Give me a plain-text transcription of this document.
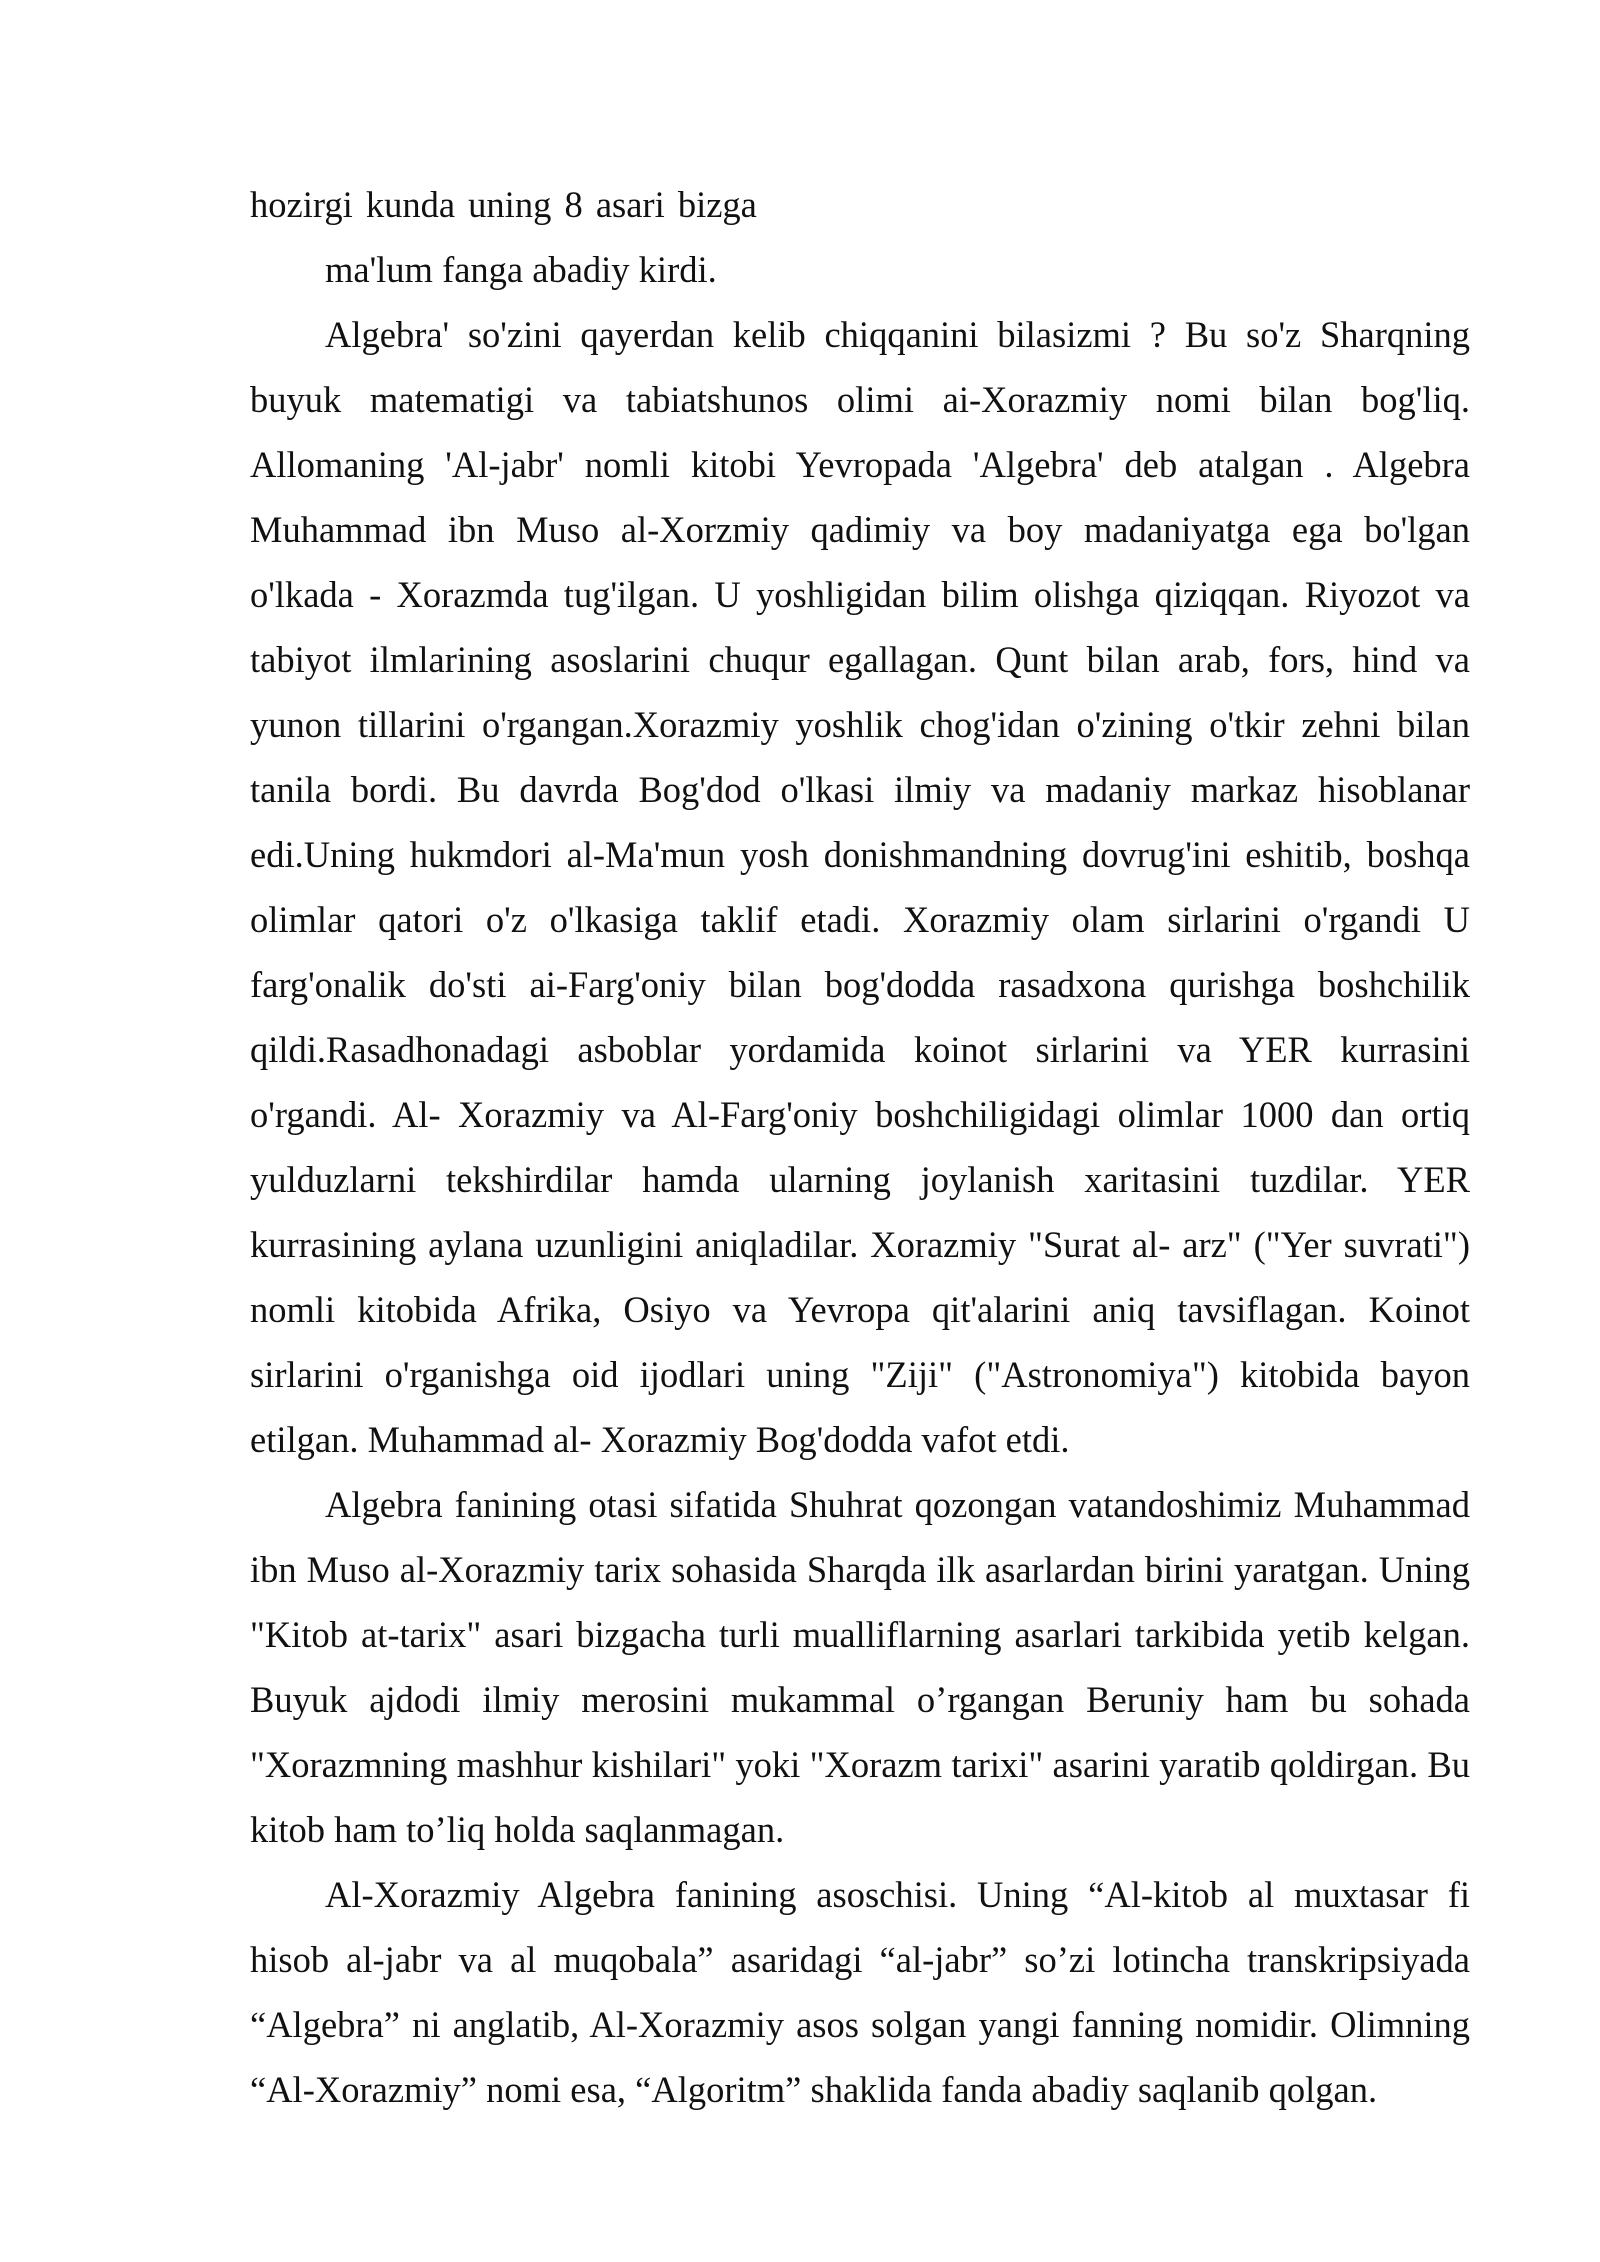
hozirgi kunda uning 8 asari bizga

ma'lum fanga abadiy kirdi.

Algebra' so'zini qayerdan kelib chiqqanini bilasizmi ? Bu so'z Sharqning buyuk matematigi va tabiatshunos olimi ai-Xorazmiy nomi bilan bog'liq. Allomaning 'Al-jabr' nomli kitobi Yevropada 'Algebra' deb atalgan . Algebra Muhammad ibn Muso al-Xorzmiy qadimiy va boy madaniyatga ega bo'lgan o'lkada - Xorazmda tug'ilgan. U yoshligidan bilim olishga qiziqqan. Riyozot va tabiyot ilmlarining asoslarini chuqur egallagan. Qunt bilan arab, fors, hind va yunon tillarini o'rgangan.Xorazmiy yoshlik chog'idan o'zining o'tkir zehni bilan tanila bordi. Bu davrda Bog'dod o'lkasi ilmiy va madaniy markaz hisoblanar edi.Uning hukmdori al-Ma'mun yosh donishmandning dovrug'ini eshitib, boshqa olimlar qatori o'z o'lkasiga taklif etadi. Xorazmiy olam sirlarini o'rgandi U farg'onalik do'sti ai-Farg'oniy bilan bog'dodda rasadxona qurishga boshchilik qildi.Rasadhonadagi asboblar yordamida koinot sirlarini va YER kurrasini o'rgandi. Al- Xorazmiy va Al-Farg'oniy boshchiligidagi olimlar 1000 dan ortiq yulduzlarni tekshirdilar hamda ularning joylanish xaritasini tuzdilar. YER kurrasining aylana uzunligini aniqladilar. Xorazmiy "Surat al- arz" ("Yer suvrati") nomli kitobida Afrika, Osiyo va Yevropa qit'alarini aniq tavsiflagan. Koinot sirlarini o'rganishga oid ijodlari uning "Ziji" ("Astronomiya") kitobida bayon etilgan. Muhammad al- Xorazmiy Bog'dodda vafot etdi.

Algebra fanining otasi sifatida Shuhrat qozongan vatandoshimiz Muhammad ibn Muso al-Xorazmiy tarix sohasida Sharqda ilk asarlardan birini yaratgan. Uning "Kitob at-tarix" asari bizgacha turli mualliflarning asarlari tarkibida yetib kelgan. Buyuk ajdodi ilmiy merosini mukammal o’rgangan Beruniy ham bu sohada "Xorazmning mashhur kishilari" yoki "Xorazm tarixi" asarini yaratib qoldirgan. Bu kitob ham to’liq holda saqlanmagan.

Al-Xorazmiy Algebra fanining asoschisi. Uning “Al-kitob al muxtasar fi hisob al-jabr va al muqobala” asaridagi “al-jabr” so’zi lotincha transkripsiyada “Algebra” ni anglatib, Al-Xorazmiy asos solgan yangi fanning nomidir. Olimning “Al-Xorazmiy” nomi esa, “Algoritm” shaklida fanda abadiy saqlanib qolgan.
